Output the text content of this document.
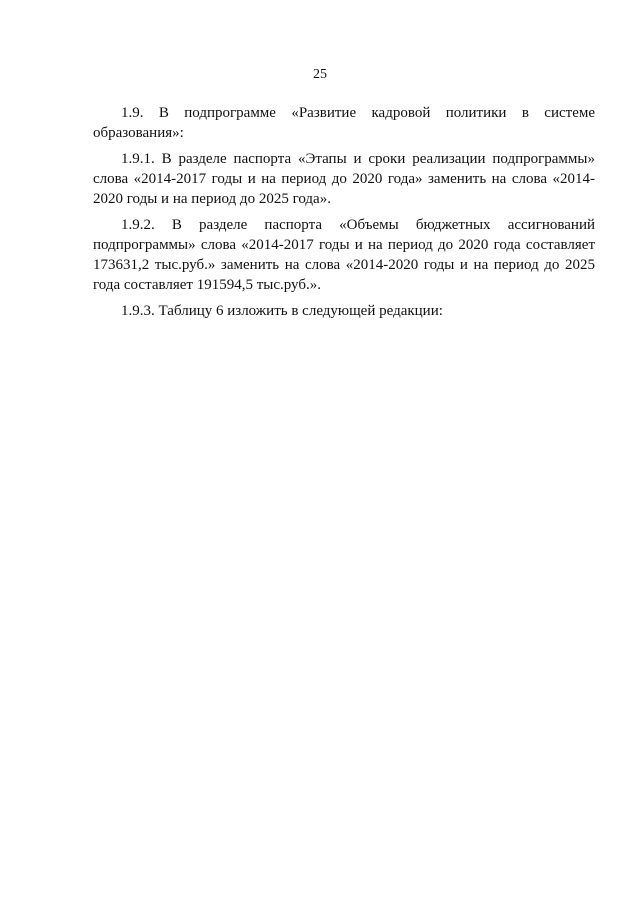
25

1.9. В подпрограмме «Развитие кадровой политики в системе образования»:

1.9.1. В разделе паспорта «Этапы и сроки реализации подпрограммы» слова «2014-2017 годы и на период до 2020 года» заменить на слова «2014-2020 годы и на период до 2025 года».

1.9.2. В разделе паспорта «Объемы бюджетных ассигнований подпрограммы» слова «2014-2017 годы и на период до 2020 года составляет 173631,2 тыс.руб.» заменить на слова «2014-2020 годы и на период до 2025 года составляет 191594,5 тыс.руб.».

1.9.3. Таблицу 6 изложить в следующей редакции:
